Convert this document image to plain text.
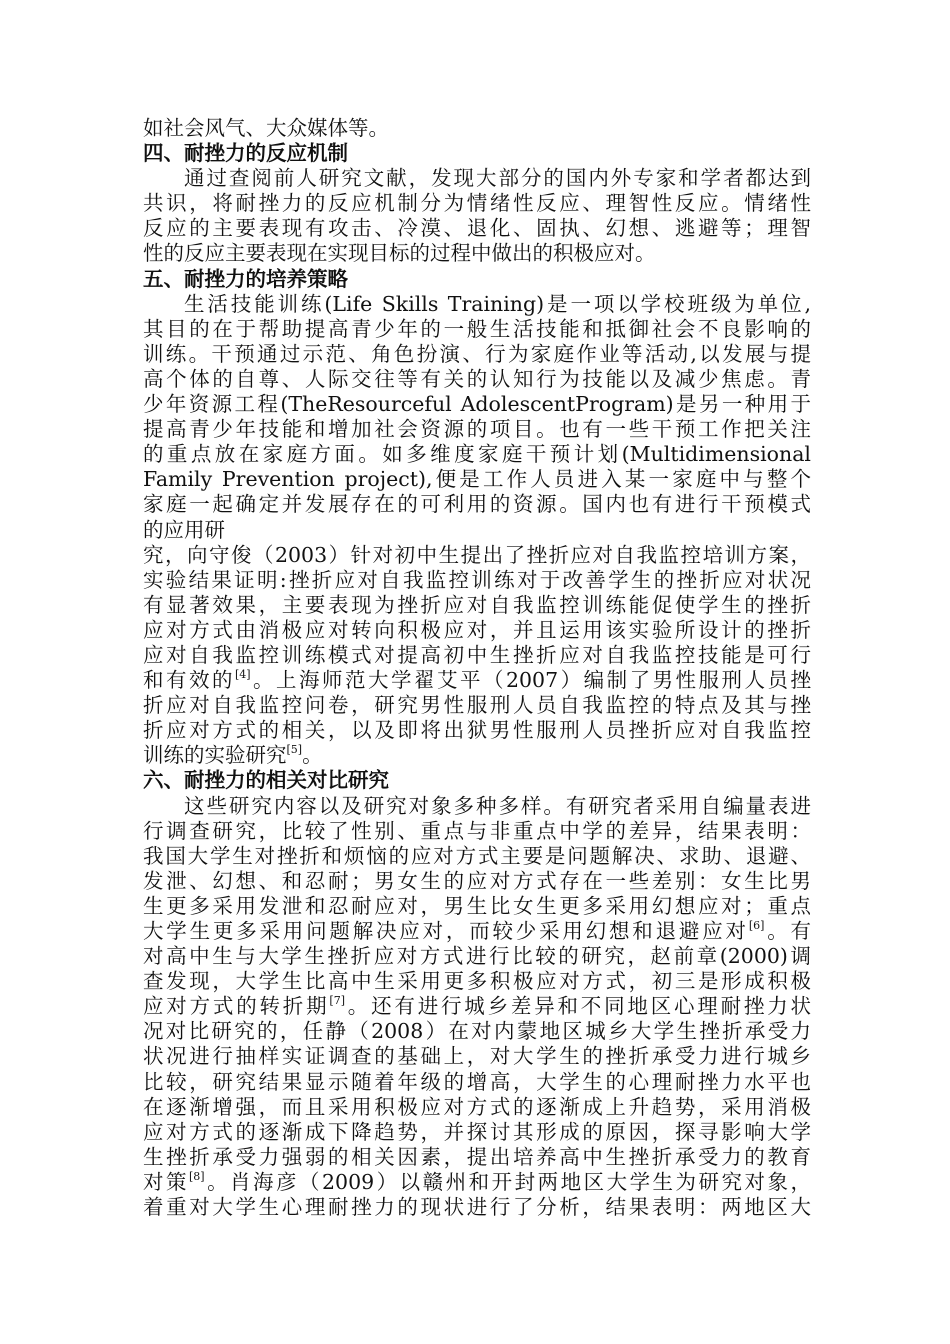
如社会风气、大众媒体等。
四、耐挫力的反应机制
通过查阅前人研究文献，发现大部分的国内外专家和学者都达到
共识，将耐挫力的反应机制分为情绪性反应、理智性反应。情绪性
反应的主要表现有攻击、冷漠、退化、固执、幻想、逃避等；理智
性的反应主要表现在实现目标的过程中做出的积极应对。
五、耐挫力的培养策略
生活技能训练(Life Skills Training)是一项以学校班级为单位,
其目的在于帮助提高青少年的一般生活技能和抵御社会不良影响的
训练。干预通过示范、角色扮演、行为家庭作业等活动,以发展与提
高个体的自尊、人际交往等有关的认知行为技能以及减少焦虑。青
少年资源工程(TheResourceful AdolescentProgram)是另一种用于
提高青少年技能和增加社会资源的项目。也有一些干预工作把关注
的重点放在家庭方面。如多维度家庭干预计划(Multidimensional
Family Prevention project),便是工作人员进入某一家庭中与整个
家庭一起确定并发展存在的可利用的资源。国内也有进行干预模式
的应用研
究，向守俊（2003）针对初中生提出了挫折应对自我监控培训方案，
实验结果证明:挫折应对自我监控训练对于改善学生的挫折应对状况
有显著效果，主要表现为挫折应对自我监控训练能促使学生的挫折
应对方式由消极应对转向积极应对，并且运用该实验所设计的挫折
应对自我监控训练模式对提高初中生挫折应对自我监控技能是可行
和有效的[4]。上海师范大学翟艾平（2007）编制了男性服刑人员挫
折应对自我监控问卷，研究男性服刑人员自我监控的特点及其与挫
折应对方式的相关，以及即将出狱男性服刑人员挫折应对自我监控
训练的实验研究[5]。
六、耐挫力的相关对比研究
这些研究内容以及研究对象多种多样。有研究者采用自编量表进
行调查研究，比较了性别、重点与非重点中学的差异，结果表明：
我国大学生对挫折和烦恼的应对方式主要是问题解决、求助、退避、
发泄、幻想、和忍耐；男女生的应对方式存在一些差别：女生比男
生更多采用发泄和忍耐应对，男生比女生更多采用幻想应对；重点
大学生更多采用问题解决应对，而较少采用幻想和退避应对[6]。有
对高中生与大学生挫折应对方式进行比较的研究，赵前章(2000)调
查发现，大学生比高中生采用更多积极应对方式，初三是形成积极
应对方式的转折期[7]。还有进行城乡差异和不同地区心理耐挫力状
况对比研究的，任静（2008）在对内蒙地区城乡大学生挫折承受力
状况进行抽样实证调查的基础上，对大学生的挫折承受力进行城乡
比较，研究结果显示随着年级的增高，大学生的心理耐挫力水平也
在逐渐增强，而且采用积极应对方式的逐渐成上升趋势，采用消极
应对方式的逐渐成下降趋势，并探讨其形成的原因，探寻影响大学
生挫折承受力强弱的相关因素，提出培养高中生挫折承受力的教育
对策[8]。肖海彦（2009）以赣州和开封两地区大学生为研究对象，
着重对大学生心理耐挫力的现状进行了分析，结果表明：两地区大
